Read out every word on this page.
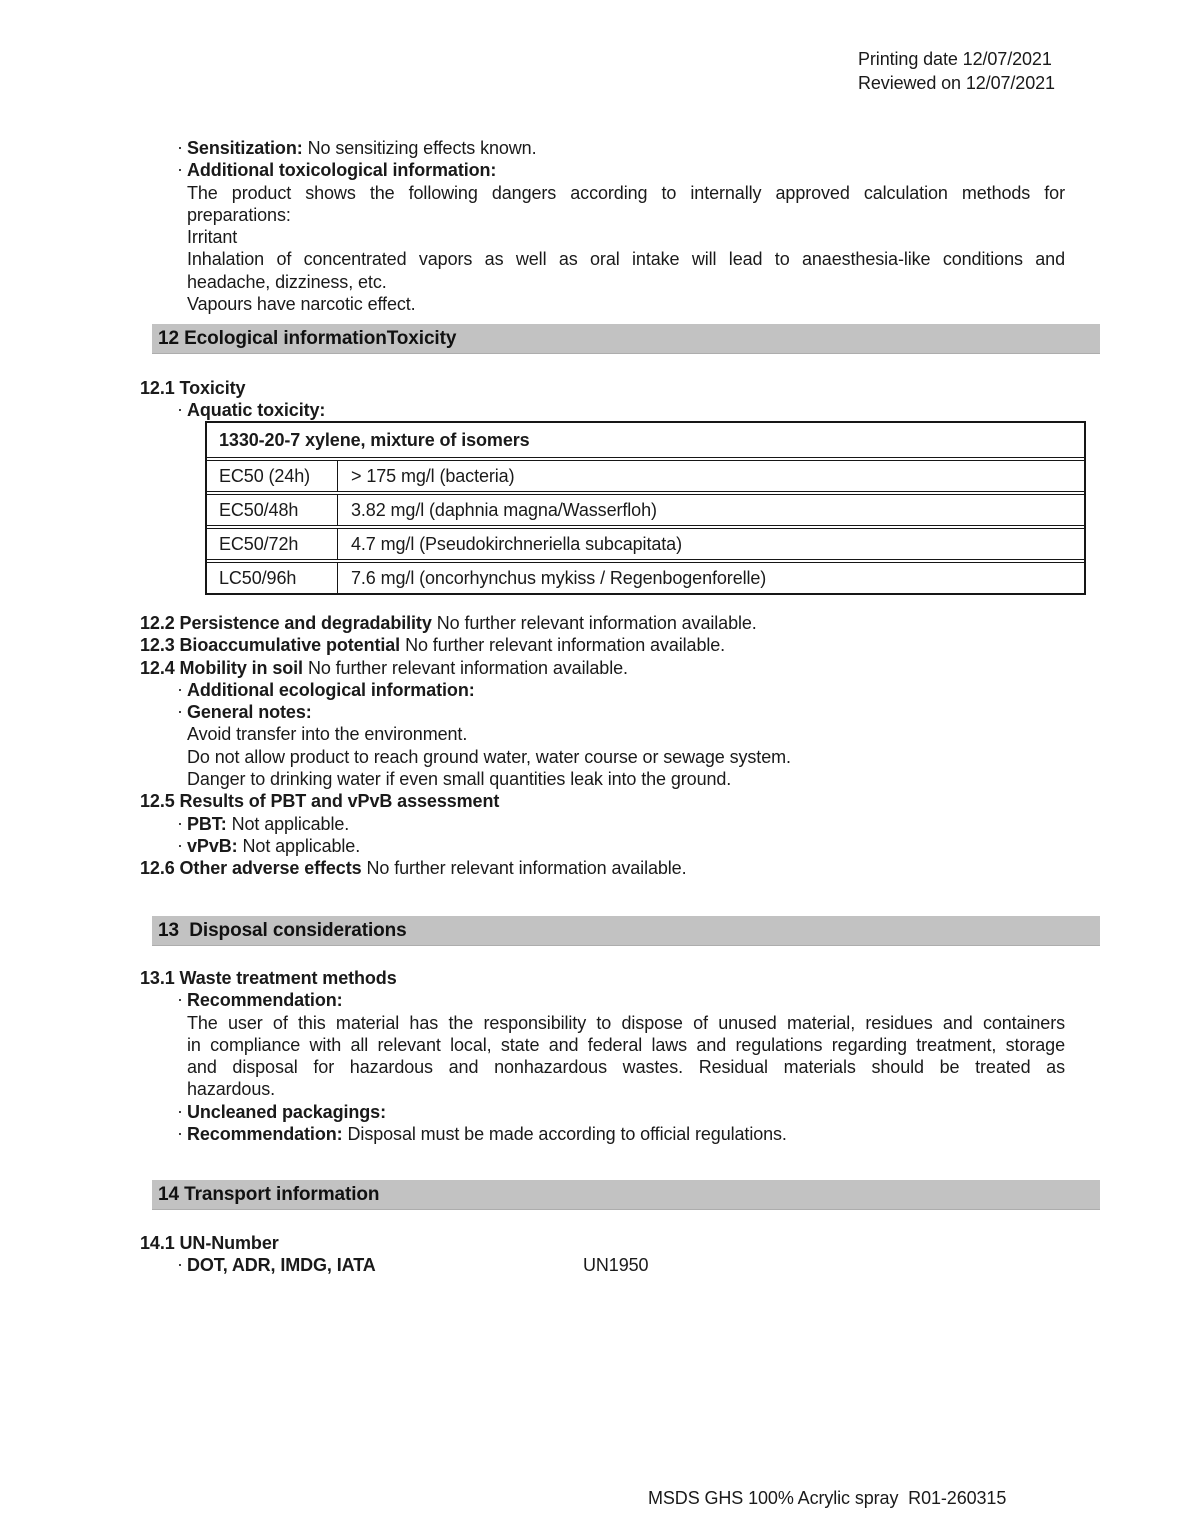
Printing date 12/07/2021
Reviewed on 12/07/2021
· Sensitization: No sensitizing effects known.
· Additional toxicological information:
The product shows the following dangers according to internally approved calculation methods for
preparations:
Irritant
Inhalation of concentrated vapors as well as oral intake will lead to anaesthesia-like conditions and
headache, dizziness, etc.
Vapours have narcotic effect.
12 Ecological informationToxicity
12.1 Toxicity
· Aquatic toxicity:
1330-20-7 xylene, mixture of isomers
EC50 (24h)	> 175 mg/l (bacteria)
EC50/48h	3.82 mg/l (daphnia magna/Wasserfloh)
EC50/72h	4.7 mg/l (Pseudokirchneriella subcapitata)
LC50/96h	7.6 mg/l (oncorhynchus mykiss / Regenbogenforelle)
12.2 Persistence and degradability No further relevant information available.
12.3 Bioaccumulative potential No further relevant information available.
12.4 Mobility in soil No further relevant information available.
· Additional ecological information:
· General notes:
Avoid transfer into the environment.
Do not allow product to reach ground water, water course or sewage system.
Danger to drinking water if even small quantities leak into the ground.
12.5 Results of PBT and vPvB assessment
· PBT: Not applicable.
· vPvB: Not applicable.
12.6 Other adverse effects No further relevant information available.
13  Disposal considerations
13.1 Waste treatment methods
· Recommendation:
The user of this material has the responsibility to dispose of unused material, residues and containers
in compliance with all relevant local, state and federal laws and regulations regarding treatment, storage
and disposal for hazardous and nonhazardous wastes. Residual materials should be treated as
hazardous.
· Uncleaned packagings:
· Recommendation: Disposal must be made according to official regulations.
14 Transport information
14.1 UN-Number
· DOT, ADR, IMDG, IATA	UN1950
MSDS GHS 100% Acrylic spray  R01-260315
